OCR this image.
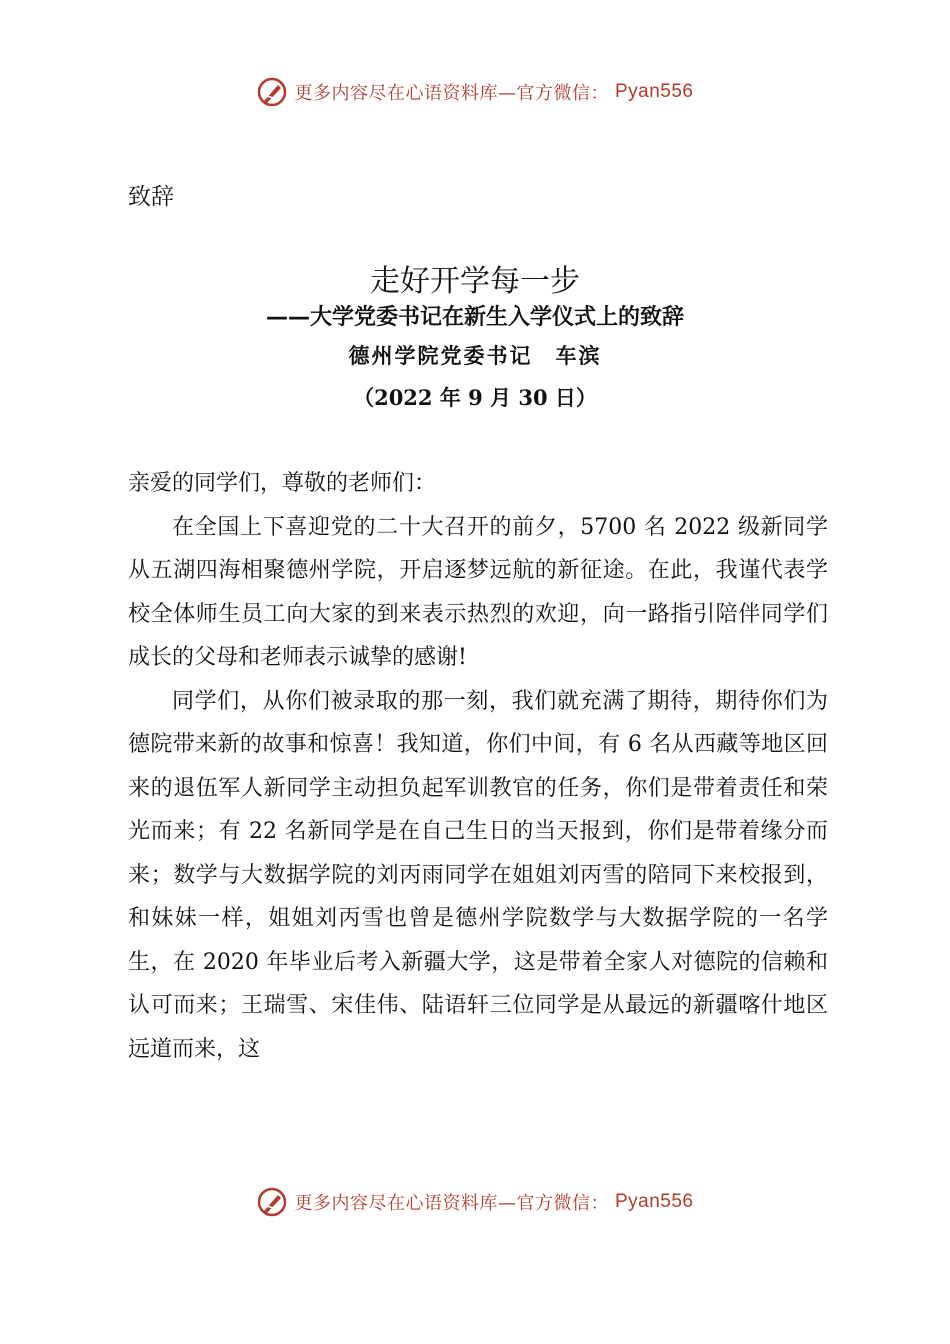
更多内容尽在心语资料库—官方微信： Pyan556
致辞
走好开学每一步
——大学党委书记在新生入学仪式上的致辞
德州学院党委书记　车滨
（2022 年 9 月 30 日）

亲爱的同学们，尊敬的老师们：

在全国上下喜迎党的二十大召开的前夕，5700 名 2022 级新同学从五湖四海相聚德州学院，开启逐梦远航的新征途。在此，我谨代表学校全体师生员工向大家的到来表示热烈的欢迎，向一路指引陪伴同学们成长的父母和老师表示诚挚的感谢!

同学们，从你们被录取的那一刻，我们就充满了期待，期待你们为德院带来新的故事和惊喜！我知道，你们中间，有 6 名从西藏等地区回来的退伍军人新同学主动担负起军训教官的任务，你们是带着责任和荣光而来；有 22 名新同学是在自己生日的当天报到，你们是带着缘分而来；数学与大数据学院的刘丙雨同学在姐姐刘丙雪的陪同下来校报到，和妹妹一样，姐姐刘丙雪也曾是德州学院数学与大数据学院的一名学生，在 2020 年毕业后考入新疆大学，这是带着全家人对德院的信赖和认可而来；王瑞雪、宋佳伟、陆语轩三位同学是从最远的新疆喀什地区远道而来，这

更多内容尽在心语资料库—官方微信： Pyan556
